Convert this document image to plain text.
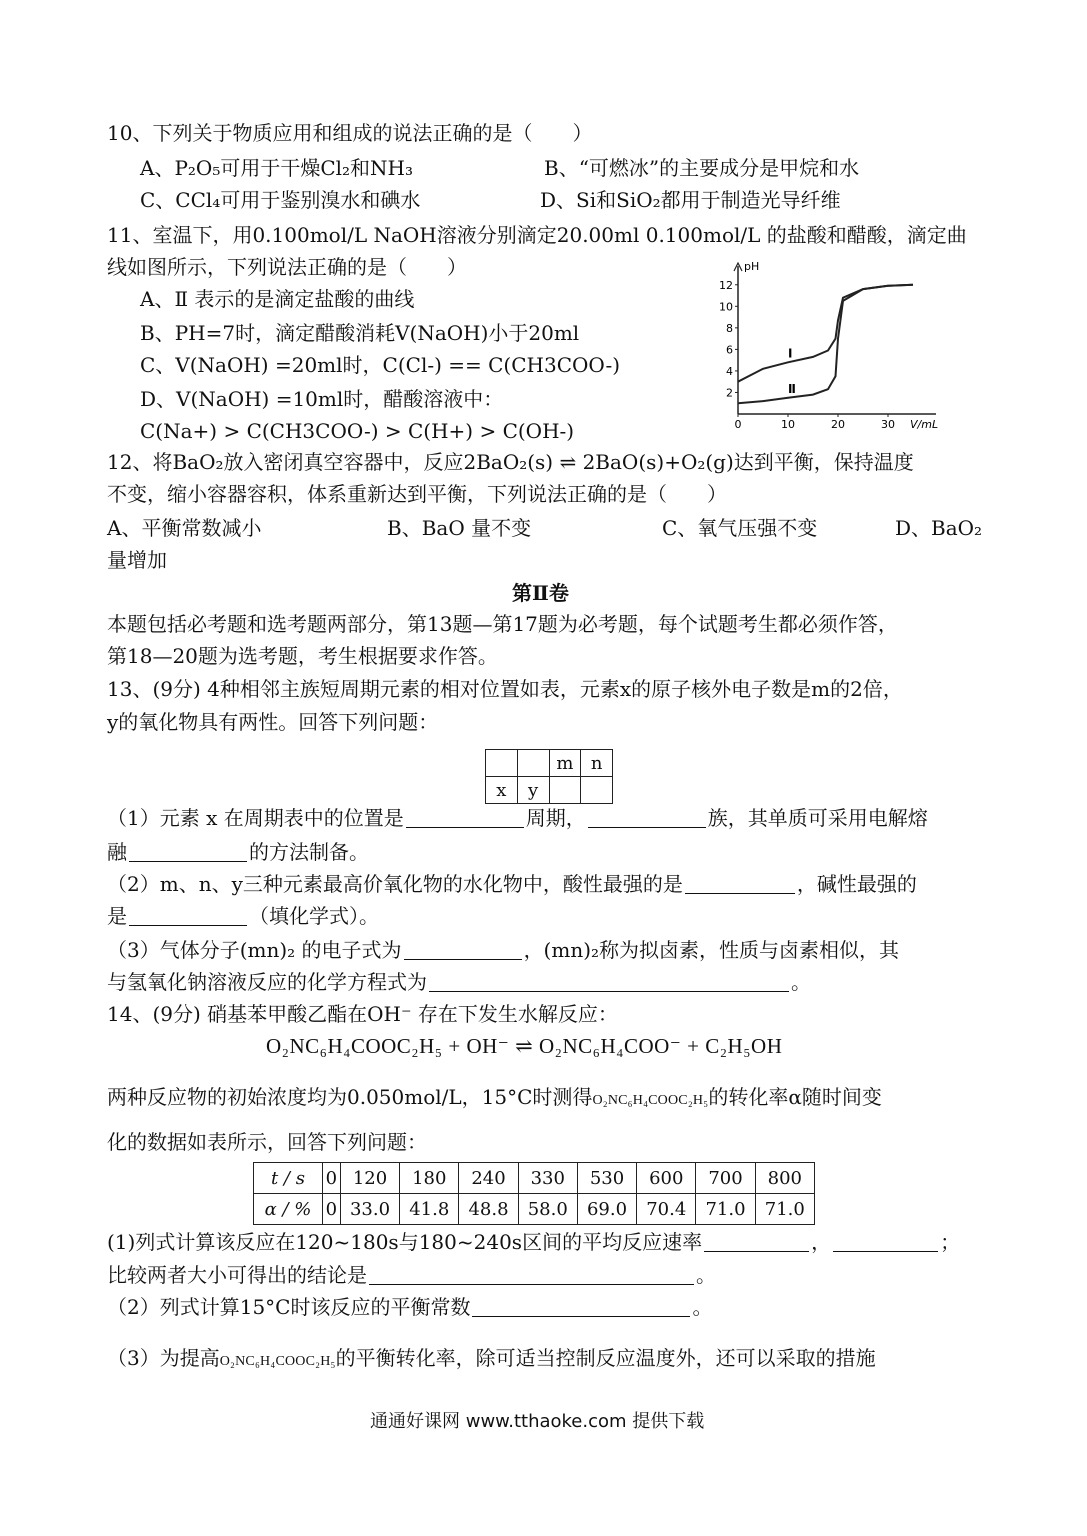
10、下列关于物质应用和组成的说法正确的是（　　）
A、P₂O₅可用于干燥Cl₂和NH₃	B、“可燃冰”的主要成分是甲烷和水
C、CCl₄可用于鉴别溴水和碘水	D、Si和SiO₂都用于制造光导纤维
11、室温下，用0.100mol/L NaOH溶液分别滴定20.00ml 0.100mol/L 的盐酸和醋酸，滴定曲
线如图所示，下列说法正确的是（　　）
A、Ⅱ 表示的是滴定盐酸的曲线
B、PH=7时，滴定醋酸消耗V(NaOH)小于20ml
C、V(NaOH) =20ml时，C(Cl-) == C(CH3COO-)
D、V(NaOH) =10ml时，醋酸溶液中：
C(Na+) > C(CH3COO-) > C(H+) > C(OH-)
pH
V/mL
12
10
8
6
4
2
0	10	20	30
Ⅰ
Ⅱ
12、将BaO₂放入密闭真空容器中，反应2BaO₂(s) ⇌ 2BaO(s)+O₂(g)达到平衡，保持温度
不变，缩小容器容积，体系重新达到平衡，下列说法正确的是（　　）
A、平衡常数减小	B、BaO 量不变	C、氧气压强不变	D、BaO₂
量增加
第Ⅱ卷
本题包括必考题和选考题两部分，第13题—第17题为必考题，每个试题考生都必须作答，
第18—20题为选考题，考生根据要求作答。
13、(9分) 4种相邻主族短周期元素的相对位置如表，元素x的原子核外电子数是m的2倍，
y的氧化物具有两性。回答下列问题：
		m	n
x	y		
（1）元素 x 在周期表中的位置是	周期，	族，其单质可采用电解熔
融	的方法制备。
（2）m、n、y三种元素最高价氧化物的水化物中，酸性最强的是	，碱性最强的
是	（填化学式）。
（3）气体分子(mn)₂ 的电子式为	，(mn)₂称为拟卤素，性质与卤素相似，其
与氢氧化钠溶液反应的化学方程式为	。
14、(9分) 硝基苯甲酸乙酯在OH⁻ 存在下发生水解反应：
O₂NC₆H₄COOC₂H₅ + OH⁻ ⇌ O₂NC₆H₄COO⁻ + C₂H₅OH
两种反应物的初始浓度均为0.050mol/L，15°C时测得O₂NC₆H₄COOC₂H₅的转化率α随时间变
化的数据如表所示，回答下列问题：
t / s	0	120	180	240	330	530	600	700	800
α / %	0	33.0	41.8	48.8	58.0	69.0	70.4	71.0	71.0
(1)列式计算该反应在120~180s与180~240s区间的平均反应速率	，	；
比较两者大小可得出的结论是	。
（2）列式计算15°C时该反应的平衡常数	。
（3）为提高O₂NC₆H₄COOC₂H₅的平衡转化率，除可适当控制反应温度外，还可以采取的措施
通通好课网 www.tthaoke.com 提供下载
